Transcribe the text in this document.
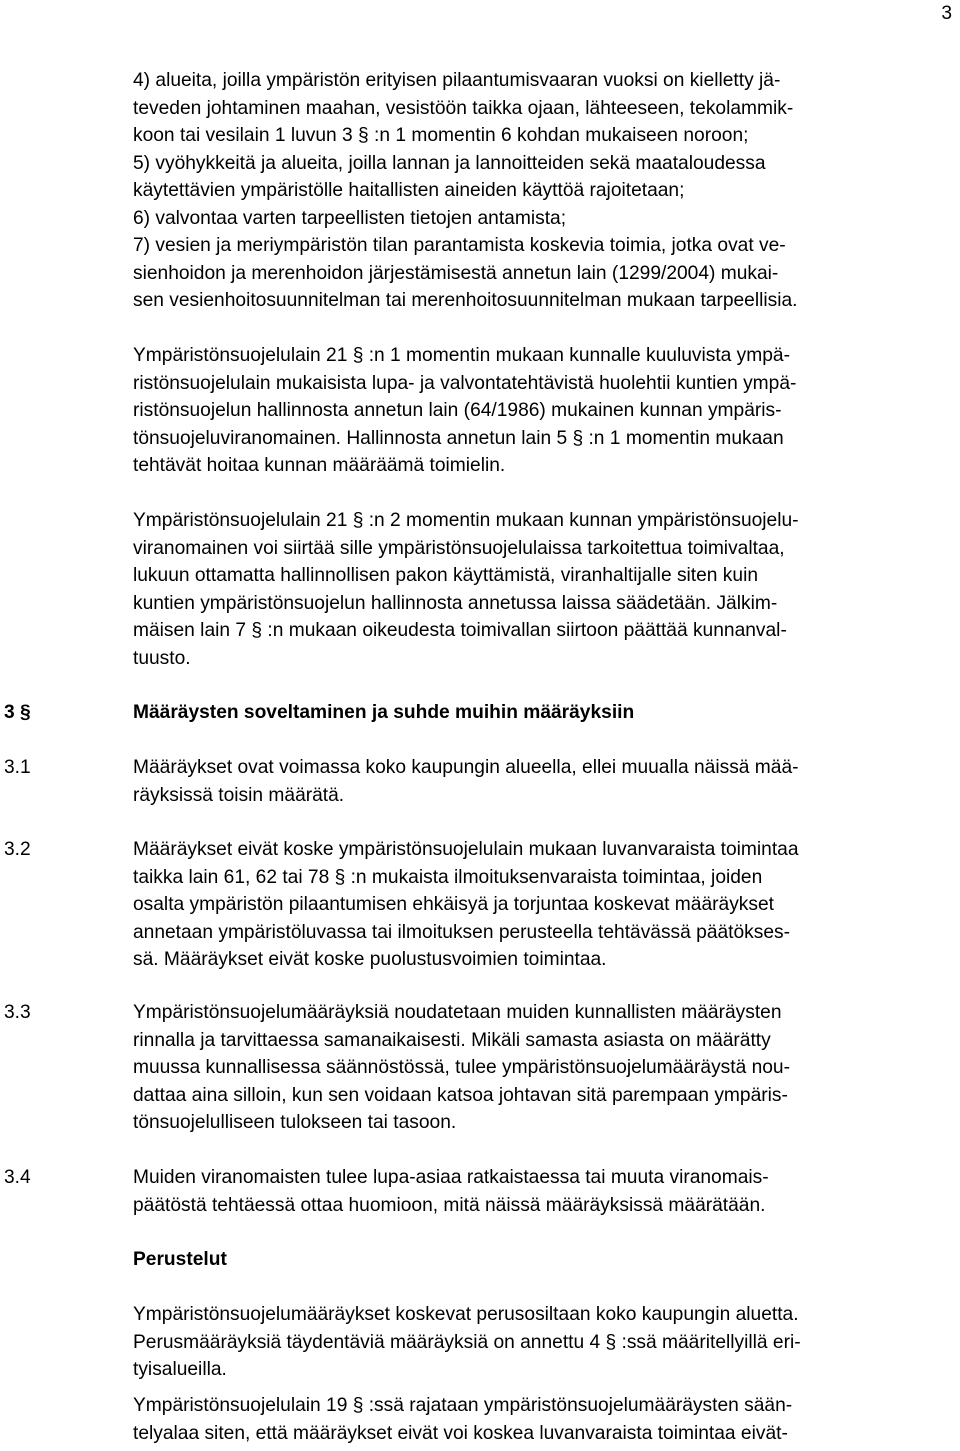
3
4) alueita, joilla ympäristön erityisen pilaantumisvaaran vuoksi on kielletty jä-
teveden johtaminen maahan, vesistöön taikka ojaan, lähteeseen, tekolammik-
koon tai vesilain 1 luvun 3 § :n 1 momentin 6 kohdan mukaiseen noroon;
5) vyöhykkeitä ja alueita, joilla lannan ja lannoitteiden sekä maataloudessa
käytettävien ympäristölle haitallisten aineiden käyttöä rajoitetaan;
6) valvontaa varten tarpeellisten tietojen antamista;
7) vesien ja meriympäristön tilan parantamista koskevia toimia, jotka ovat ve-
sienhoidon ja merenhoidon järjestämisestä annetun lain (1299/2004) mukai-
sen vesienhoitosuunnitelman tai merenhoitosuunnitelman mukaan tarpeellisia.
Ympäristönsuojelulain 21 § :n 1 momentin mukaan kunnalle kuuluvista ympä-
ristönsuojelulain mukaisista lupa- ja valvontatehtävistä huolehtii kuntien ympä-
ristönsuojelun hallinnosta annetun lain (64/1986) mukainen kunnan ympäris-
tönsuojeluviranomainen. Hallinnosta annetun lain 5 § :n 1 momentin mukaan
tehtävät hoitaa kunnan määräämä toimielin.
Ympäristönsuojelulain 21 § :n 2 momentin mukaan kunnan ympäristönsuojelu-
viranomainen voi siirtää sille ympäristönsuojelulaissa tarkoitettua toimivaltaa,
lukuun ottamatta hallinnollisen pakon käyttämistä, viranhaltijalle siten kuin
kuntien ympäristönsuojelun hallinnosta annetussa laissa säädetään. Jälkim-
mäisen lain 7 § :n mukaan oikeudesta toimivallan siirtoon päättää kunnanval-
tuusto.
3 §	Määräysten soveltaminen ja suhde muihin määräyksiin
3.1	Määräykset ovat voimassa koko kaupungin alueella, ellei muualla näissä mää-
räyksissä toisin määrätä.
3.2	Määräykset eivät koske ympäristönsuojelulain mukaan luvanvaraista toimintaa
taikka lain 61, 62 tai 78 § :n mukaista ilmoituksenvaraista toimintaa, joiden
osalta ympäristön pilaantumisen ehkäisyä ja torjuntaa koskevat määräykset
annetaan ympäristöluvassa tai ilmoituksen perusteella tehtävässä päätökses-
sä. Määräykset eivät koske puolustusvoimien toimintaa.
3.3	Ympäristönsuojelumääräyksiä noudatetaan muiden kunnallisten määräysten
rinnalla ja tarvittaessa samanaikaisesti. Mikäli samasta asiasta on määrätty
muussa kunnallisessa säännöstössä, tulee ympäristönsuojelumääräystä nou-
dattaa aina silloin, kun sen voidaan katsoa johtavan sitä parempaan ympäris-
tönsuojelulliseen tulokseen tai tasoon.
3.4	Muiden viranomaisten tulee lupa-asiaa ratkaistaessa tai muuta viranomais-
päätöstä tehtäessä ottaa huomioon, mitä näissä määräyksissä määrätään.
Perustelut
Ympäristönsuojelumääräykset koskevat perusosiltaan koko kaupungin aluetta.
Perusmääräyksiä täydentäviä määräyksiä on annettu 4 § :ssä määritellyillä eri-
tyisalueilla.
Ympäristönsuojelulain 19 § :ssä rajataan ympäristönsuojelumääräysten sään-
telyalaa siten, että määräykset eivät voi koskea luvanvaraista toimintaa eivät-
